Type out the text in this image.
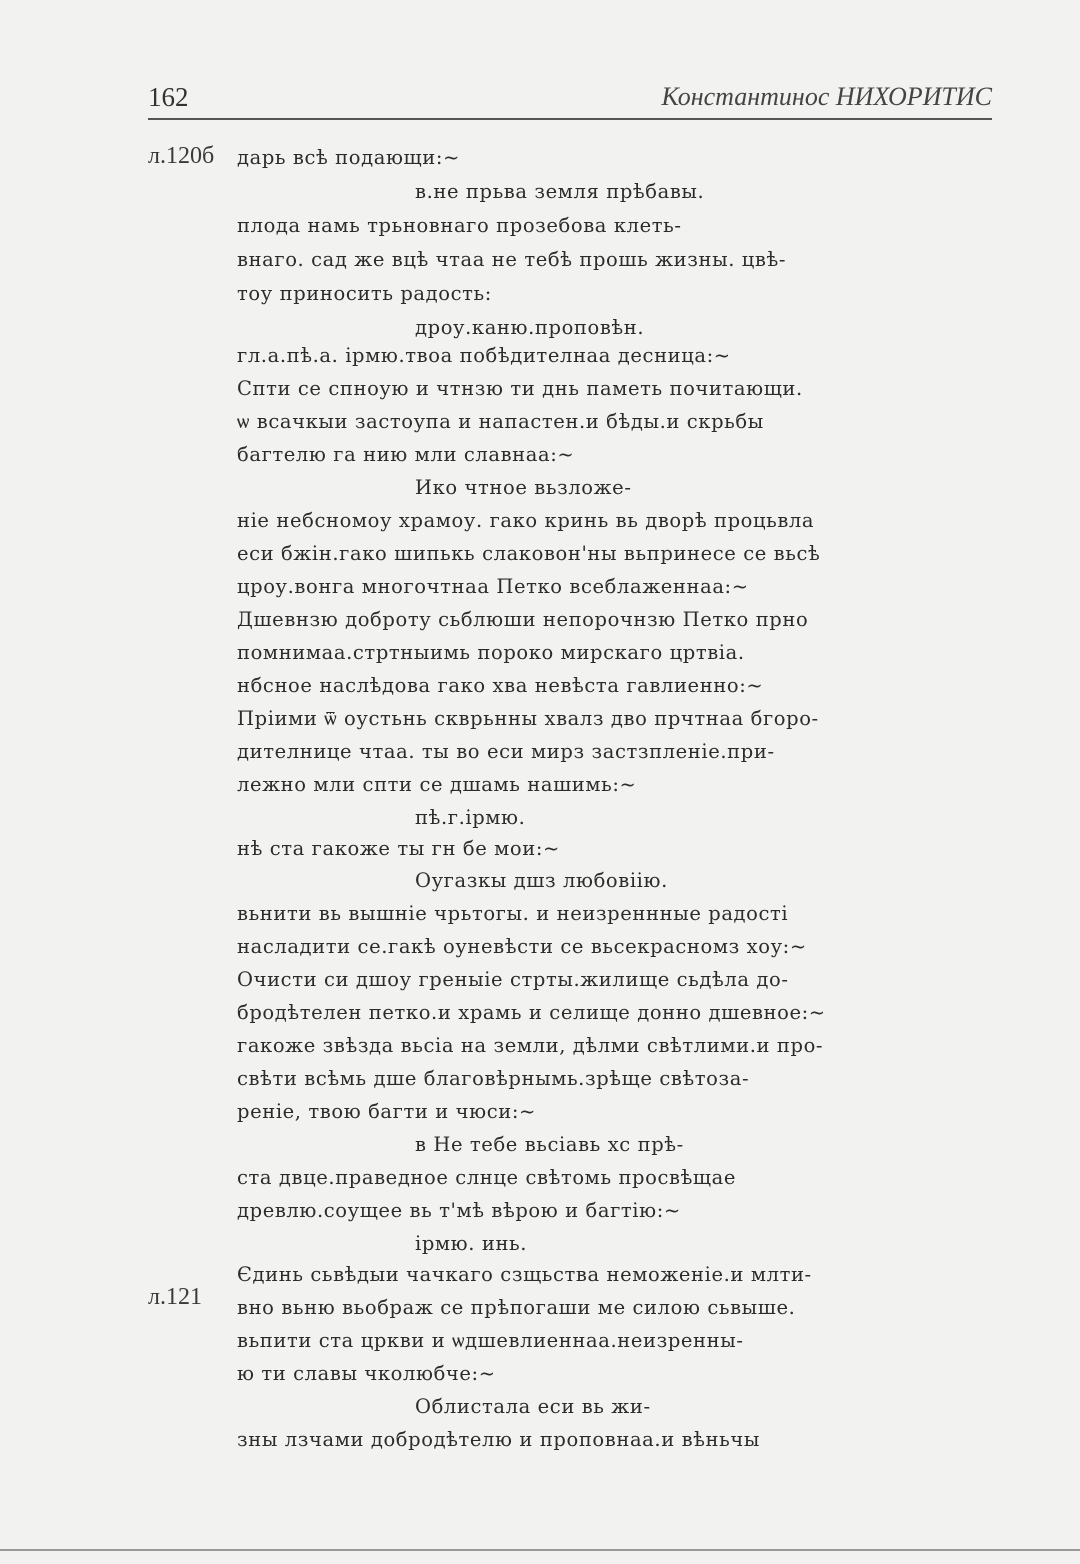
162	Константинос НИХОРИТИС
л.120б
л.121
дарь всѣ подающи:~
в.не прьва земля прѣбавы.
плода намь трьновнаго прозебова клеть-
внаго. сад же вцѣ чтаа не тебѣ прошь жизны. цвѣ-
тоу приносить радость:
дроу.каню.проповѣн.
гл.а.пѣ.а. ірмю.твоа побѣдителнаа десница:~
Спти се спноую и чтнзю ти днь паметь почитающи.
ѡ всачкыи застоупа и напастен.и бѣды.и скрьбы
багтелю га нию мли славнаа:~
Ико чтное вьзложе-
ніе небсномоу храмоу. гако кринь вь дворѣ процьвла
еси бжін.гако шипькь слаковон'ны вьпринесе се вьсѣ
цроу.вонга многочтнаа Петко всеблаженнаа:~
Дшевнзю доброту сьблюши непорочнзю Петко прно
помнимаа.стртныимь пороко мирскаго цртвіа.
нбсное наслѣдова гако хва невѣста гавлиенно:~
Пріими ѿ оустьнь скврьнны хвалз дво прчтнаа бгоро-
дителнице чтаа. ты во еси мирз застзпленіе.при-
лежно мли спти се дшамь нашимь:~
пѣ.г.ірмю.
нѣ ста гакоже ты гн бе мои:~
Оугазкы дшз любовіію.
вьнити вь вышніе чрьтогы. и неизреннные радості
насладити се.гакѣ оуневѣсти се вьсекрасномз хоу:~
Очисти си дшоу греныіе стрты.жилище сьдѣла до-
бродѣтелен петко.и храмь и селище донно дшевное:~
гакоже звѣзда вьсіа на земли, дѣлми свѣтлими.и про-
свѣти всѣмь дше благовѣрнымь.зрѣще свѣтоза-
реніе, твою багти и чюси:~
в Не тебе вьсіавь хс прѣ-
ста двце.праведное слнце свѣтомь просвѣщае
древлю.соущее вь т'мѣ вѣрою и багтію:~
ірмю. инь.
Єдинь сьвѣдыи чачкаго сзщьства неможеніе.и млти-
вно вьню вьображ се прѣпогаши ме силою сьвыше.
вьпити ста цркви и ѡдшевлиеннаа.неизренны-
ю ти славы чколюбче:~
Облистала еси вь жи-
зны лзчами добродѣтелю и проповнаа.и вѣньчы
